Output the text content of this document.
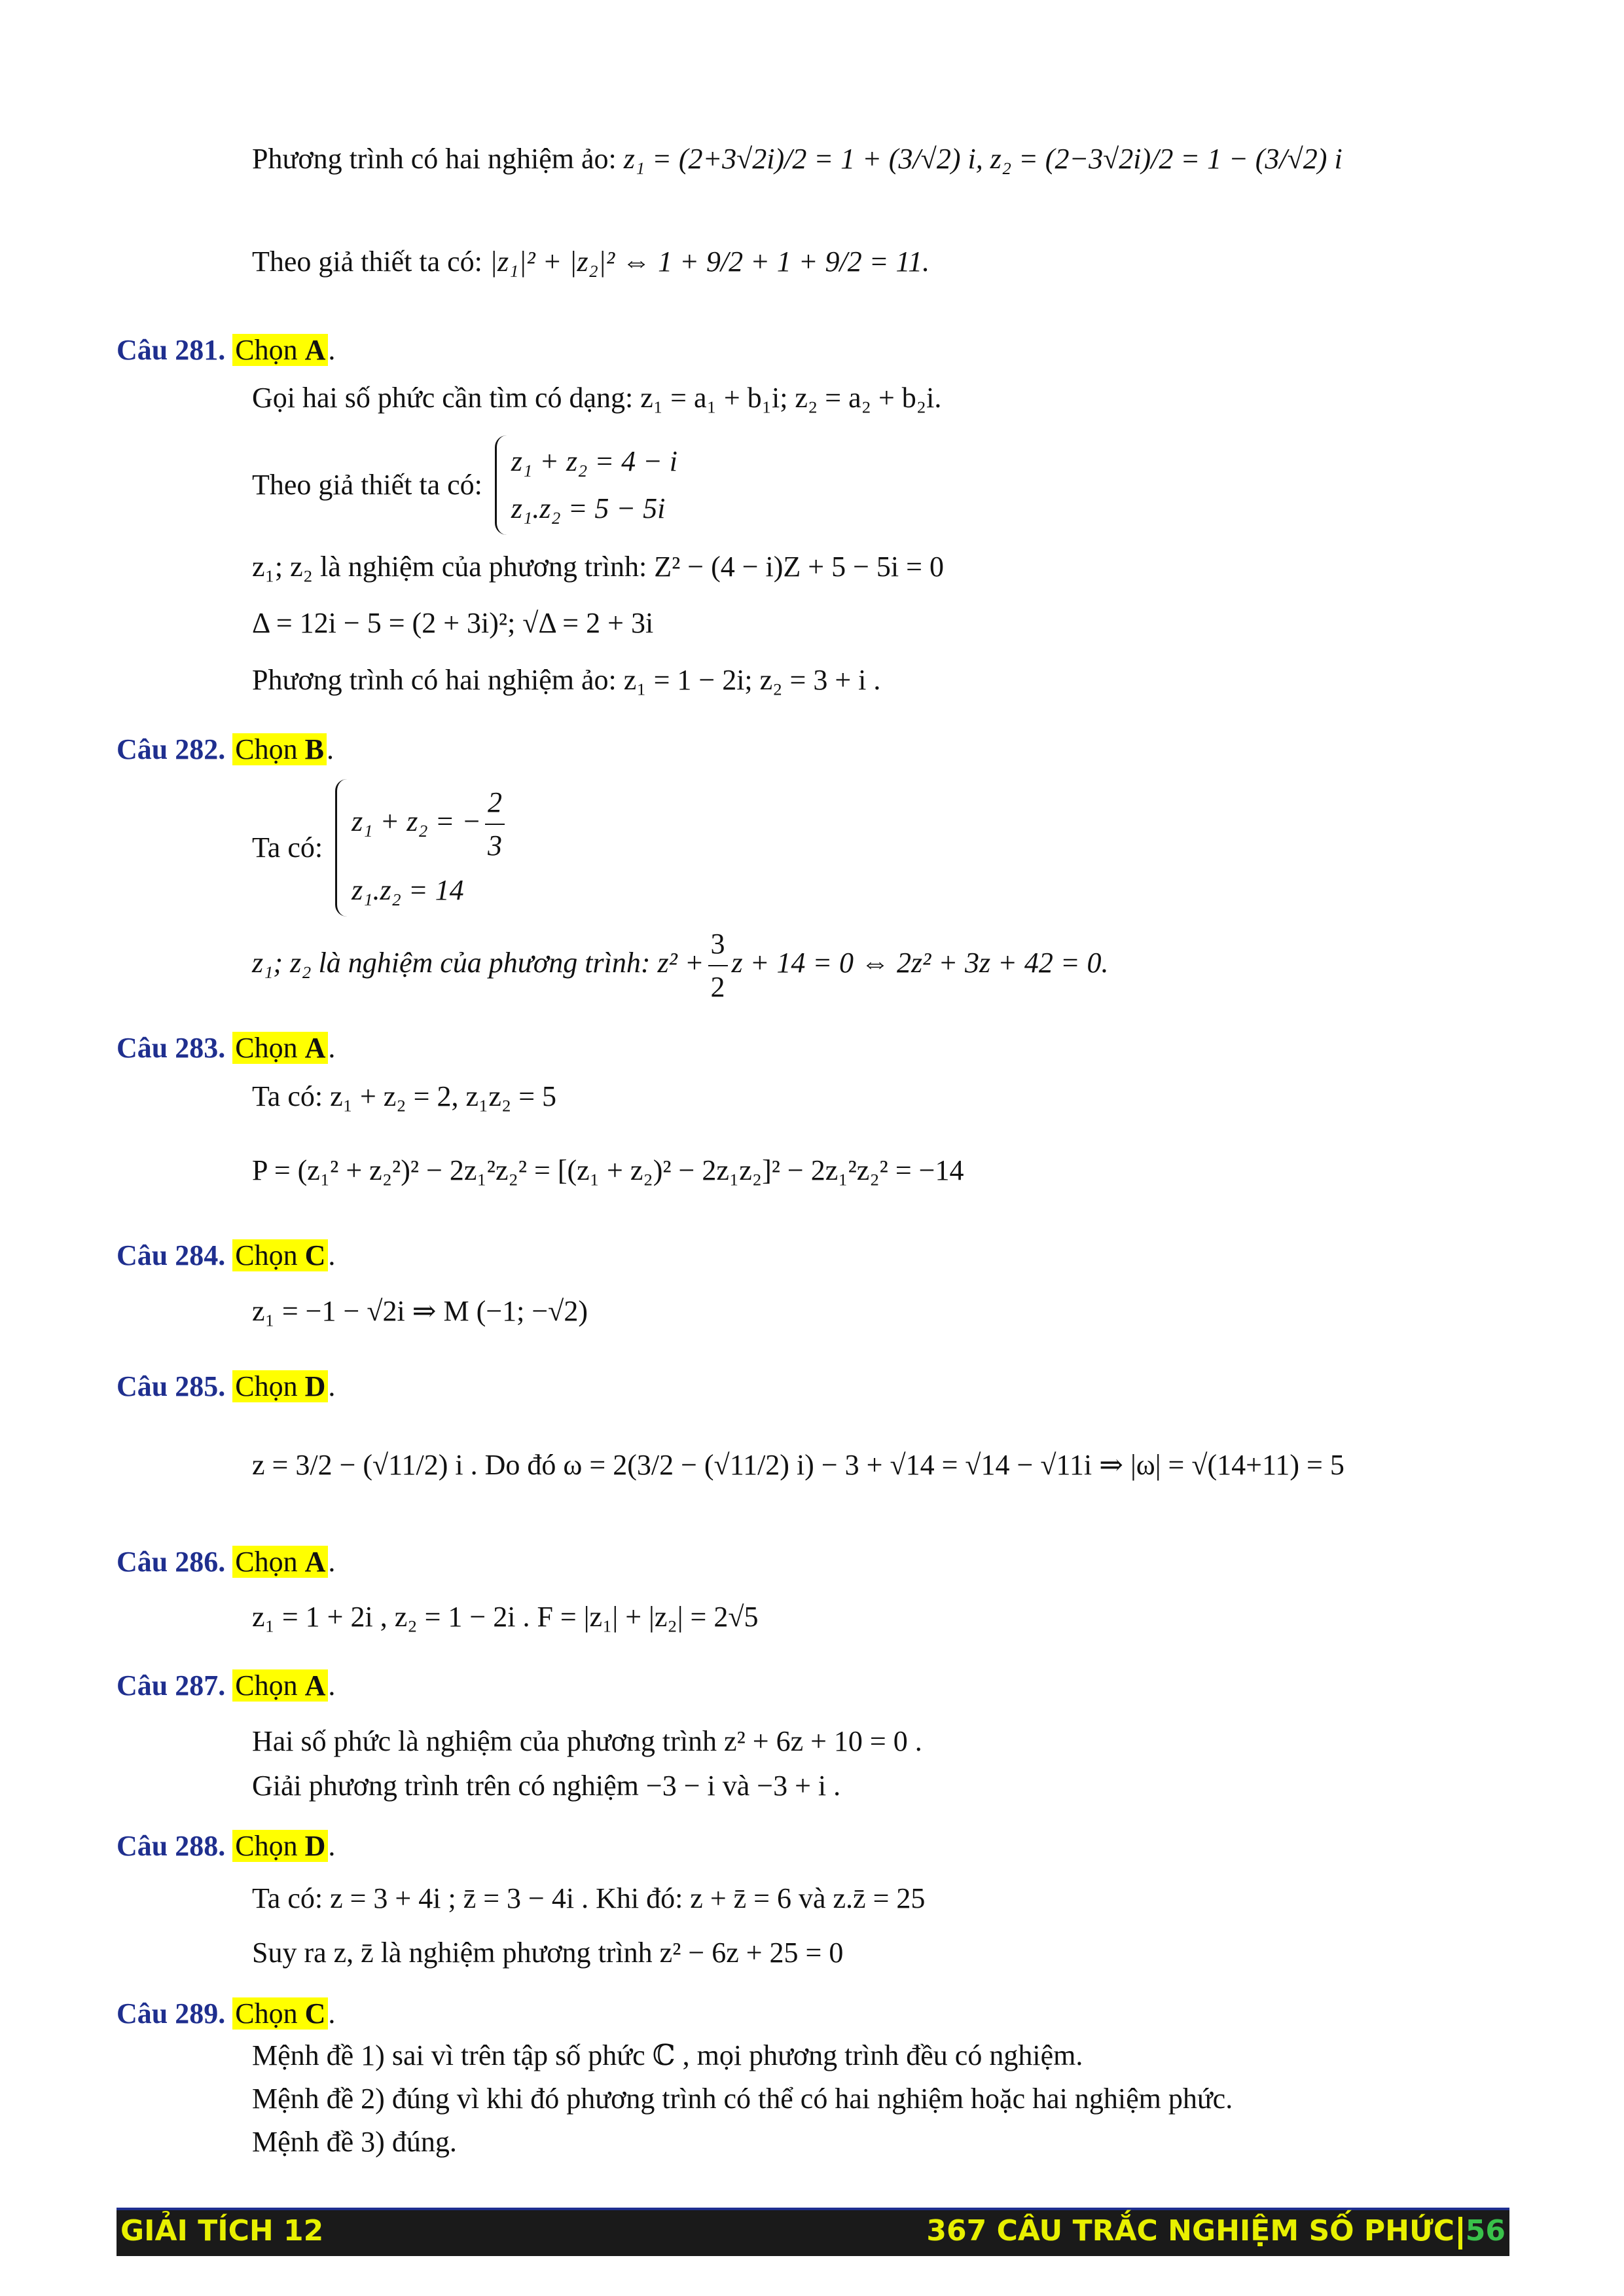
Phương trình có hai nghiệm ảo: z₁ = (2+3√2i)/2 = 1 + (3/√2) i, z₂ = (2−3√2i)/2 = 1 − (3/√2) i
Theo giả thiết ta có: |z₁|² + |z₂|² ⇔ 1 + 9/2 + 1 + 9/2 = 11.
Câu 281. Chọn A.
Gọi hai số phức cần tìm có dạng: z₁ = a₁ + b₁i; z₂ = a₂ + b₂i.
Theo giả thiết ta có:
z₁ + z₂ = 4 − i
z₁.z₂ = 5 − 5i
z₁; z₂ là nghiệm của phương trình: Z² − (4 − i)Z + 5 − 5i = 0
Δ = 12i − 5 = (2 + 3i)²; √Δ = 2 + 3i
Phương trình có hai nghiệm ảo: z₁ = 1 − 2i; z₂ = 3 + i .
Câu 282. Chọn B.
Ta có:
z₁ + z₂ = − $\frac{2}{3}$
z₁.z₂ = 14
z₁; z₂ là nghiệm của phương trình: $z^2 + \frac{3}{2}$ z + 14 = 0 ⇔ 2z² + 3z + 42 = 0.
Câu 283. Chọn A.
Ta có: z₁ + z₂ = 2, z₁z₂ = 5
P = (z₁² + z₂²)² − 2z₁²z₂² = [(z₁ + z₂)² − 2z₁z₂]² − 2z₁²z₂² = −14
Câu 284. Chọn C.
z₁ = −1 − √2i ⇒ M (−1; −√2)
Câu 285. Chọn D.
z = 3/2 − (√11/2) i . Do đó ω = 2(3/2 − (√11/2) i) − 3 + √14 = √14 − √11i ⇒ |ω| = √(14+11) = 5
Câu 286. Chọn A.
z₁ = 1 + 2i , z₂ = 1 − 2i . F = |z₁| + |z₂| = 2√5
Câu 287. Chọn A.
Hai số phức là nghiệm của phương trình z² + 6z + 10 = 0 .
Giải phương trình trên có nghiệm −3 − i và −3 + i .
Câu 288. Chọn D.
Ta có: z = 3 + 4i ; z̄ = 3 − 4i . Khi đó: z + z̄ = 6 và z.z̄ = 25
Suy ra z, z̄ là nghiệm phương trình z² − 6z + 25 = 0
Câu 289. Chọn C.
Mệnh đề 1) sai vì trên tập số phức ℂ , mọi phương trình đều có nghiệm.
Mệnh đề 2) đúng vì khi đó phương trình có thể có hai nghiệm hoặc hai nghiệm phức.
Mệnh đề 3) đúng.
GIẢI TÍCH 12	367 CÂU TRẮC NGHIỆM SỐ PHỨC 56
